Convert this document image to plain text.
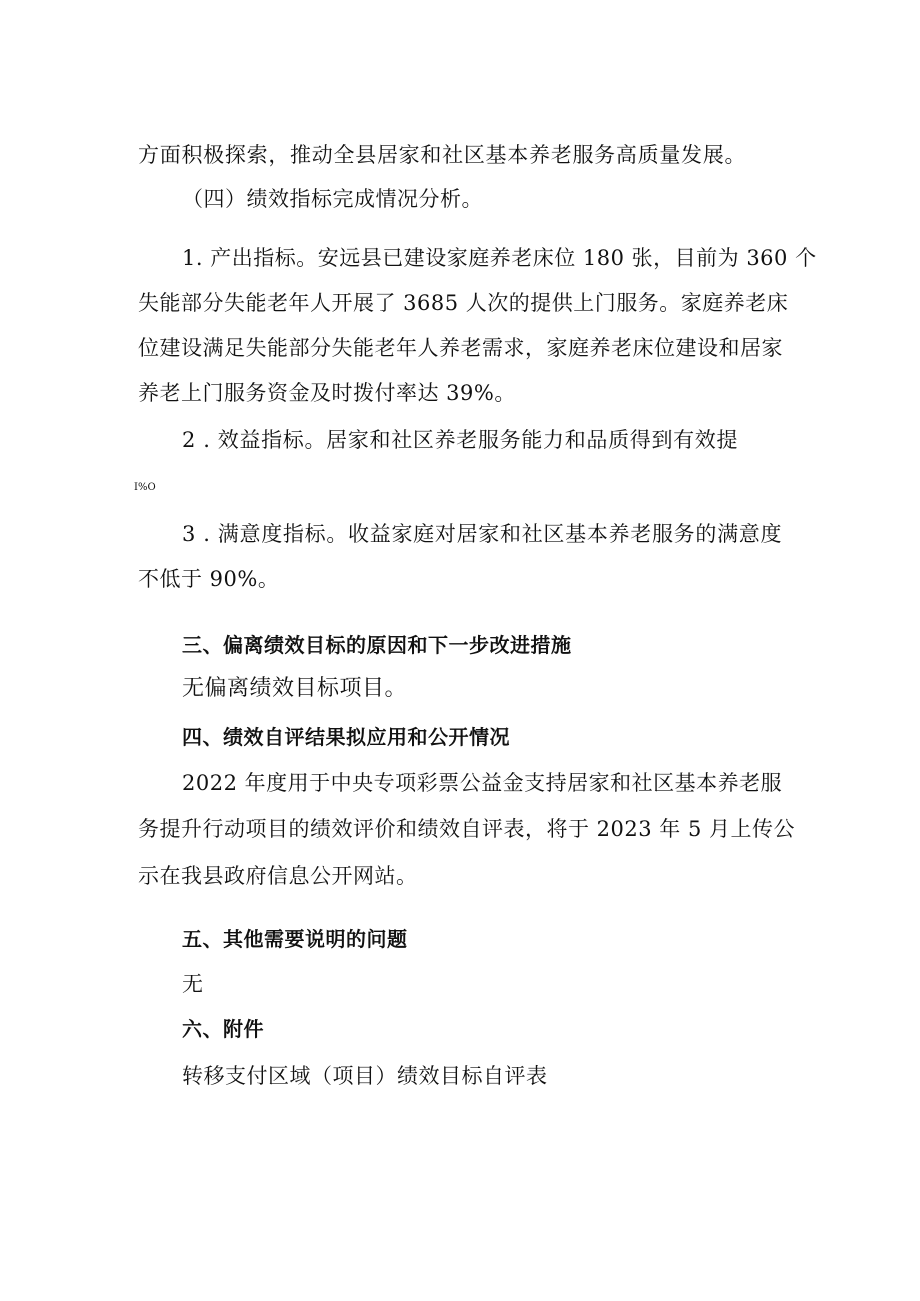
方面积极探索，推动全县居家和社区基本养老服务高质量发展。
（四）绩效指标完成情况分析。
1. 产出指标。安远县已建设家庭养老床位 180 张，目前为 360 个
失能部分失能老年人开展了 3685 人次的提供上门服务。家庭养老床
位建设满足失能部分失能老年人养老需求，家庭养老床位建设和居家
养老上门服务资金及时拨付率达 39%。
2 . 效益指标。居家和社区养老服务能力和品质得到有效提
I%O
3 . 满意度指标。收益家庭对居家和社区基本养老服务的满意度
不低于 90%。
三、偏离绩效目标的原因和下一步改进措施
无偏离绩效目标项目。
四、绩效自评结果拟应用和公开情况
2022 年度用于中央专项彩票公益金支持居家和社区基本养老服
务提升行动项目的绩效评价和绩效自评表，将于 2023 年 5 月上传公
示在我县政府信息公开网站。
五、其他需要说明的问题
无
六、附件
转移支付区域（项目）绩效目标自评表
